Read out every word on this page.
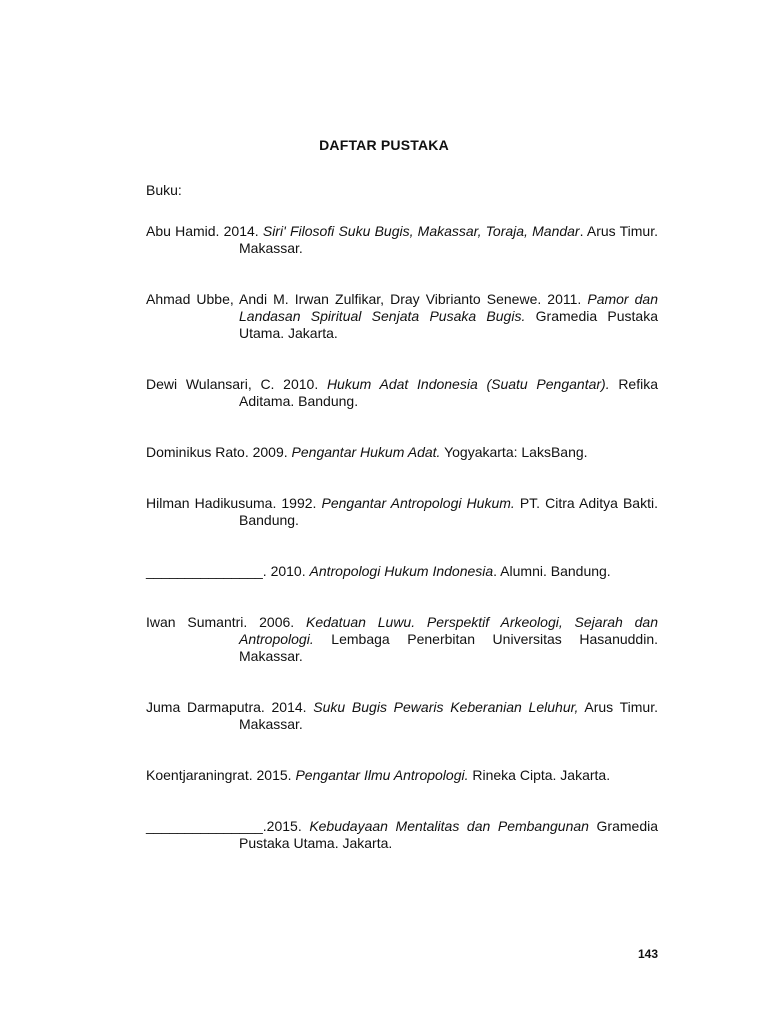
DAFTAR PUSTAKA
Buku:

Abu Hamid. 2014. Siri' Filosofi Suku Bugis, Makassar, Toraja, Mandar. Arus Timur. Makassar.

Ahmad Ubbe, Andi M. Irwan Zulfikar, Dray Vibrianto Senewe. 2011. Pamor dan Landasan Spiritual Senjata Pusaka Bugis. Gramedia Pustaka Utama. Jakarta.

Dewi Wulansari, C. 2010. Hukum Adat Indonesia (Suatu Pengantar). Refika Aditama. Bandung.

Dominikus Rato. 2009. Pengantar Hukum Adat. Yogyakarta: LaksBang.

Hilman Hadikusuma. 1992. Pengantar Antropologi Hukum. PT. Citra Aditya Bakti. Bandung.

_______________. 2010. Antropologi Hukum Indonesia. Alumni. Bandung.

Iwan Sumantri. 2006. Kedatuan Luwu. Perspektif Arkeologi, Sejarah dan Antropologi. Lembaga Penerbitan Universitas Hasanuddin. Makassar.

Juma Darmaputra. 2014. Suku Bugis Pewaris Keberanian Leluhur, Arus Timur. Makassar.

Koentjaraningrat. 2015. Pengantar Ilmu Antropologi. Rineka Cipta. Jakarta.

_______________.2015. Kebudayaan Mentalitas dan Pembangunan Gramedia Pustaka Utama. Jakarta.

143
